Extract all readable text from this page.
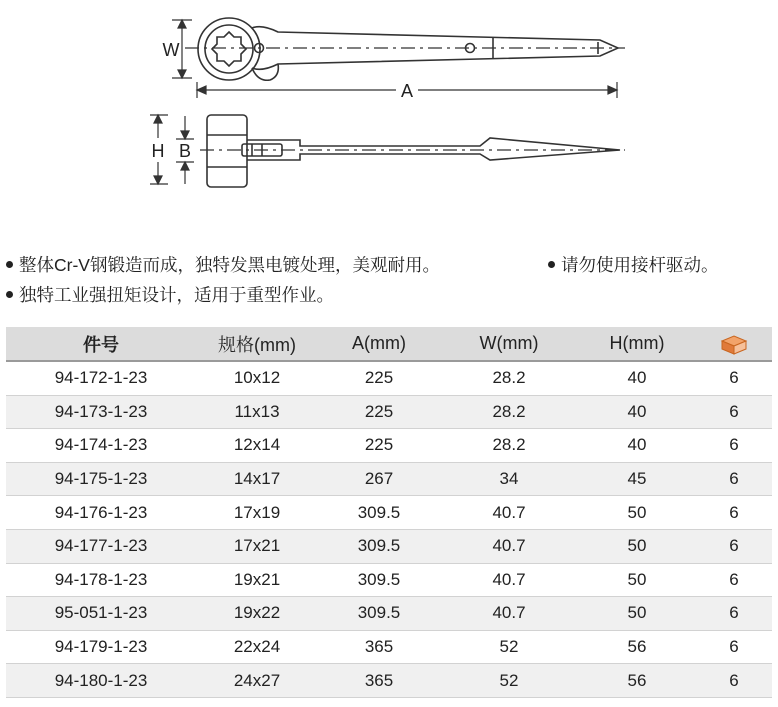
W
A
H B
整体Cr-V钢锻造而成，独特发黑电镀处理，美观耐用。	请勿使用接杆驱动。
独特工业强扭矩设计，适用于重型作业。
件号	规格(mm)	A(mm)	W(mm)	H(mm)	
94-172-1-23	10x12	225	28.2	40	6
94-173-1-23	11x13	225	28.2	40	6
94-174-1-23	12x14	225	28.2	40	6
94-175-1-23	14x17	267	34	45	6
94-176-1-23	17x19	309.5	40.7	50	6
94-177-1-23	17x21	309.5	40.7	50	6
94-178-1-23	19x21	309.5	40.7	50	6
95-051-1-23	19x22	309.5	40.7	50	6
94-179-1-23	22x24	365	52	56	6
94-180-1-23	24x27	365	52	56	6
